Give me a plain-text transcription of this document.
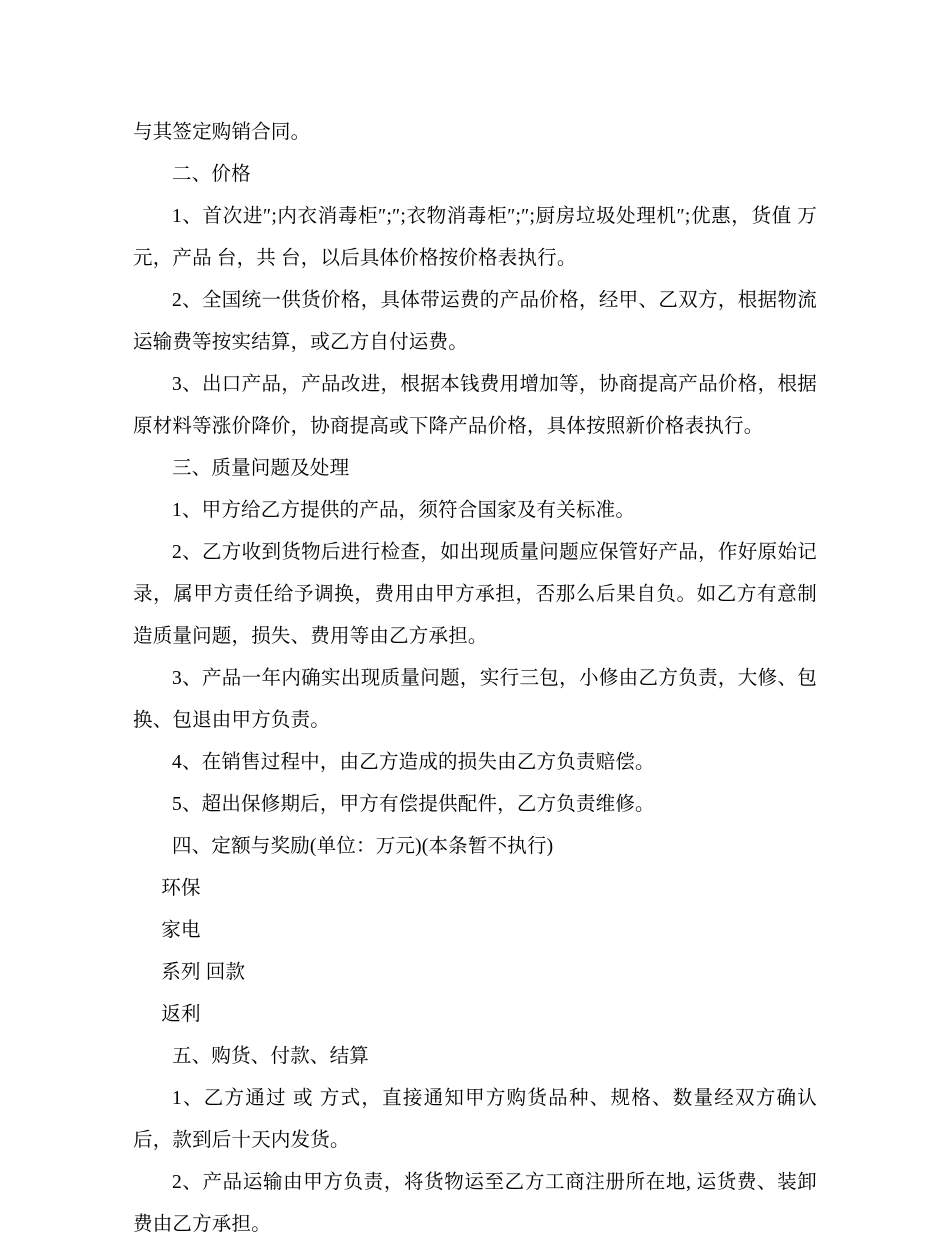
与其签定购销合同。

二、价格

1、首次进″;内衣消毒柜″;″;衣物消毒柜″;″;厨房垃圾处理机″;优惠，货值 万元，产品 台，共 台，以后具体价格按价格表执行。

2、全国统一供货价格，具体带运费的产品价格，经甲、乙双方，根据物流运输费等按实结算，或乙方自付运费。

3、出口产品，产品改进，根据本钱费用增加等，协商提高产品价格，根据原材料等涨价降价，协商提高或下降产品价格，具体按照新价格表执行。

三、质量问题及处理

1、甲方给乙方提供的产品，须符合国家及有关标准。

2、乙方收到货物后进行检查，如出现质量问题应保管好产品，作好原始记录，属甲方责任给予调换，费用由甲方承担，否那么后果自负。如乙方有意制造质量问题，损失、费用等由乙方承担。

3、产品一年内确实出现质量问题，实行三包，小修由乙方负责，大修、包换、包退由甲方负责。

4、在销售过程中，由乙方造成的损失由乙方负责赔偿。

5、超出保修期后，甲方有偿提供配件，乙方负责维修。

四、定额与奖励(单位：万元)(本条暂不执行)

环保

家电

系列 回款

返利

五、购货、付款、结算

1、乙方通过 或 方式，直接通知甲方购货品种、规格、数量经双方确认后，款到后十天内发货。

2、产品运输由甲方负责，将货物运至乙方工商注册所在地, 运货费、装卸费由乙方承担。
